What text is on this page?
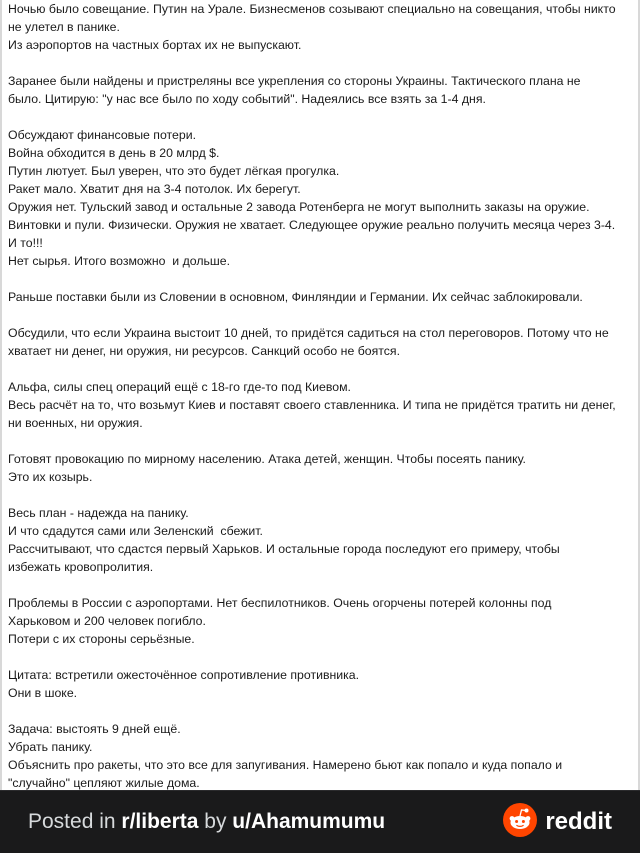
Ночью было совещание. Путин на Урале. Бизнесменов созывают специально на совещания, чтобы никто
не улетел в панике.
Из аэропортов на частных бортах их не выпускают.
Заранее были найдены и пристреляны все укрепления со стороны Украины. Тактического плана не
было. Цитирую: "у нас все было по ходу событий". Надеялись все взять за 1-4 дня.
Обсуждают финансовые потери.
Война обходится в день в 20 млрд $.
Путин лютует. Был уверен, что это будет лёгкая прогулка.
Ракет мало. Хватит дня на 3-4 потолок. Их берегут.
Оружия нет. Тульский завод и остальные 2 завода Ротенберга не могут выполнить заказы на оружие.
Винтовки и пули. Физически. Оружия не хватает. Следующее оружие реально получить месяца через 3-4.
И то!!!
Нет сырья. Итого возможно  и дольше.
Раньше поставки были из Словении в основном, Финляндии и Германии. Их сейчас заблокировали.
Обсудили, что если Украина выстоит 10 дней, то придётся садиться на стол переговоров. Потому что не
хватает ни денег, ни оружия, ни ресурсов. Санкций особо не боятся.
Альфа, силы спец операций ещё с 18-го где-то под Киевом.
Весь расчёт на то, что возьмут Киев и поставят своего ставленника. И типа не придётся тратить ни денег,
ни военных, ни оружия.
Готовят провокацию по мирному населению. Атака детей, женщин. Чтобы посеять панику.
Это их козырь.
Весь план - надежда на панику.
И что сдадутся сами или Зеленский  сбежит.
Рассчитывают, что сдастся первый Харьков. И остальные города последуют его примеру, чтобы
избежать кровопролития.
Проблемы в России с аэропортами. Нет беспилотников. Очень огорчены потерей колонны под
Харьковом и 200 человек погибло.
Потери с их стороны серьёзные.
Цитата: встретили ожесточённое сопротивление противника.
Они в шоке.
Задача: выстоять 9 дней ещё.
Убрать панику.
Объяснить про ракеты, что это все для запугивания. Намерено бьют как попало и куда попало и
"случайно" цепляют жилые дома.
Posted in r/liberta by u/Ahamumumu	reddit
